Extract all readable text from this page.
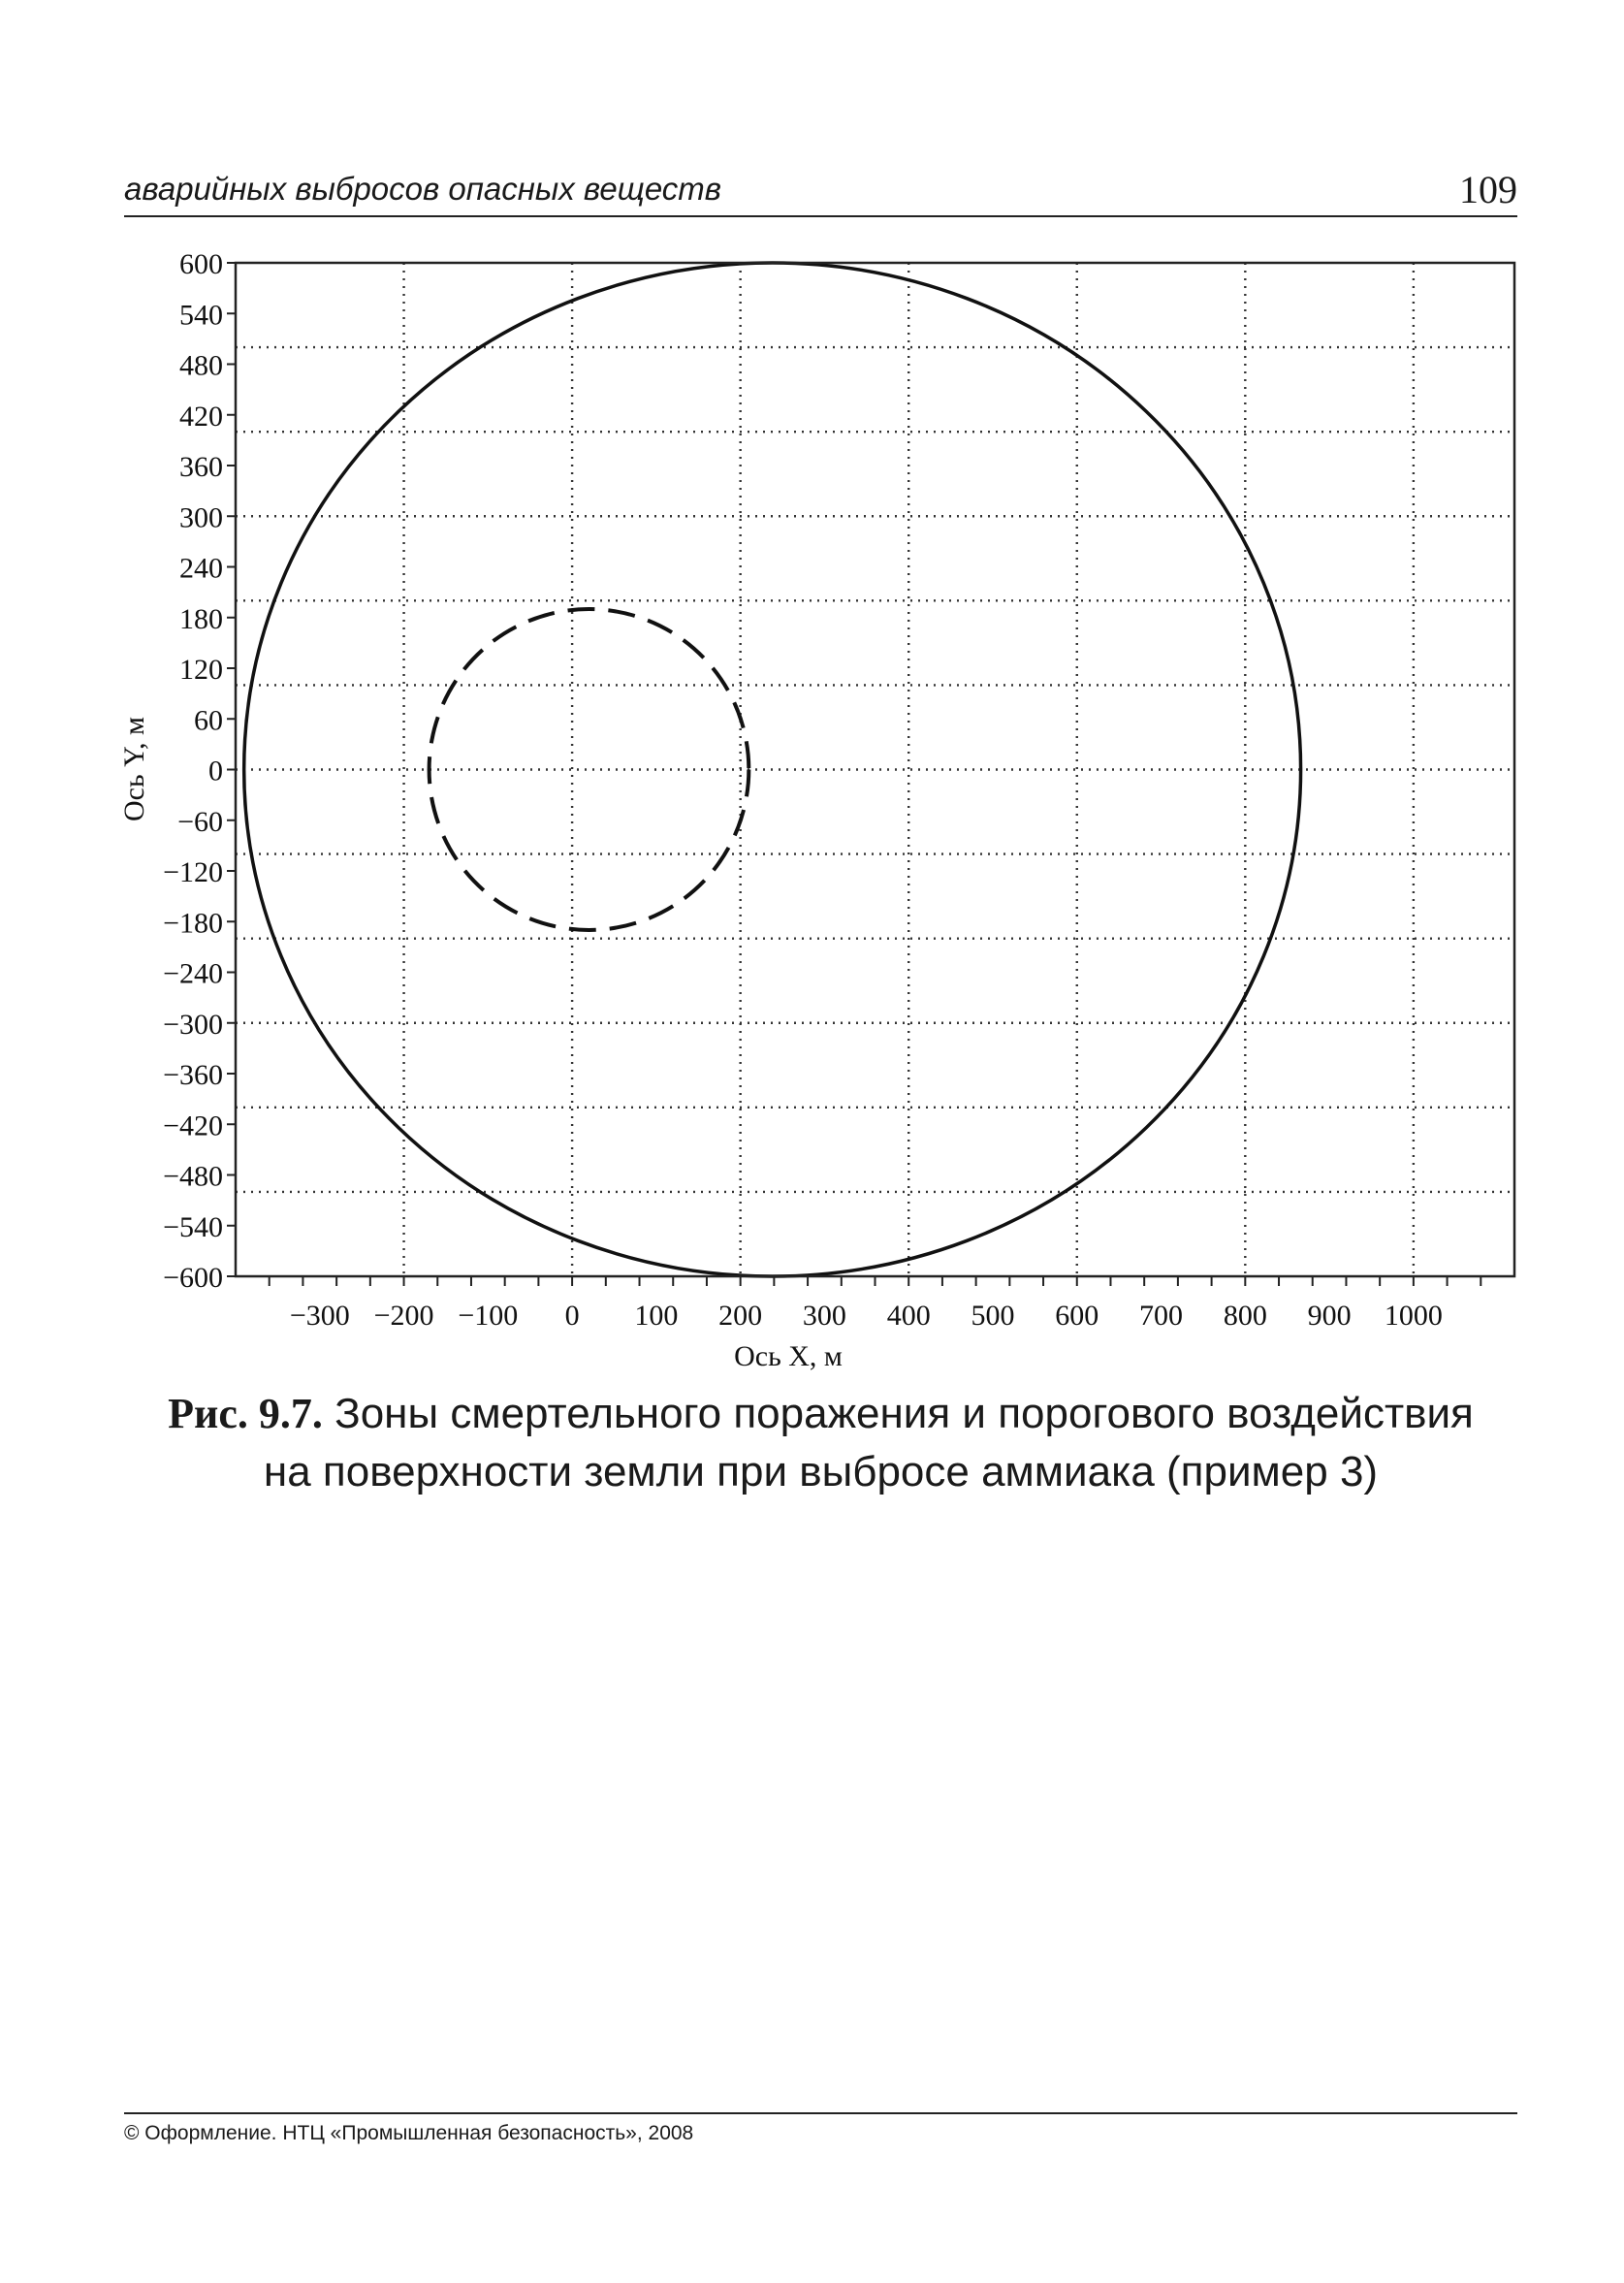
аварийных выбросов опасных веществ	109
600
540
480
420
360
300
240
180
120
60
0
−60
−120
−180
−240
−300
−360
−420
−480
−540
−600
−300 −200 −100 0 100 200 300 400 500 600 700 800 900 1000
Ось X, м
Ось Y, м
Рис. 9.7. Зоны смертельного поражения и порогового воздействия
на поверхности земли при выбросе аммиака (пример 3)
© Оформление. НТЦ «Промышленная безопасность», 2008
